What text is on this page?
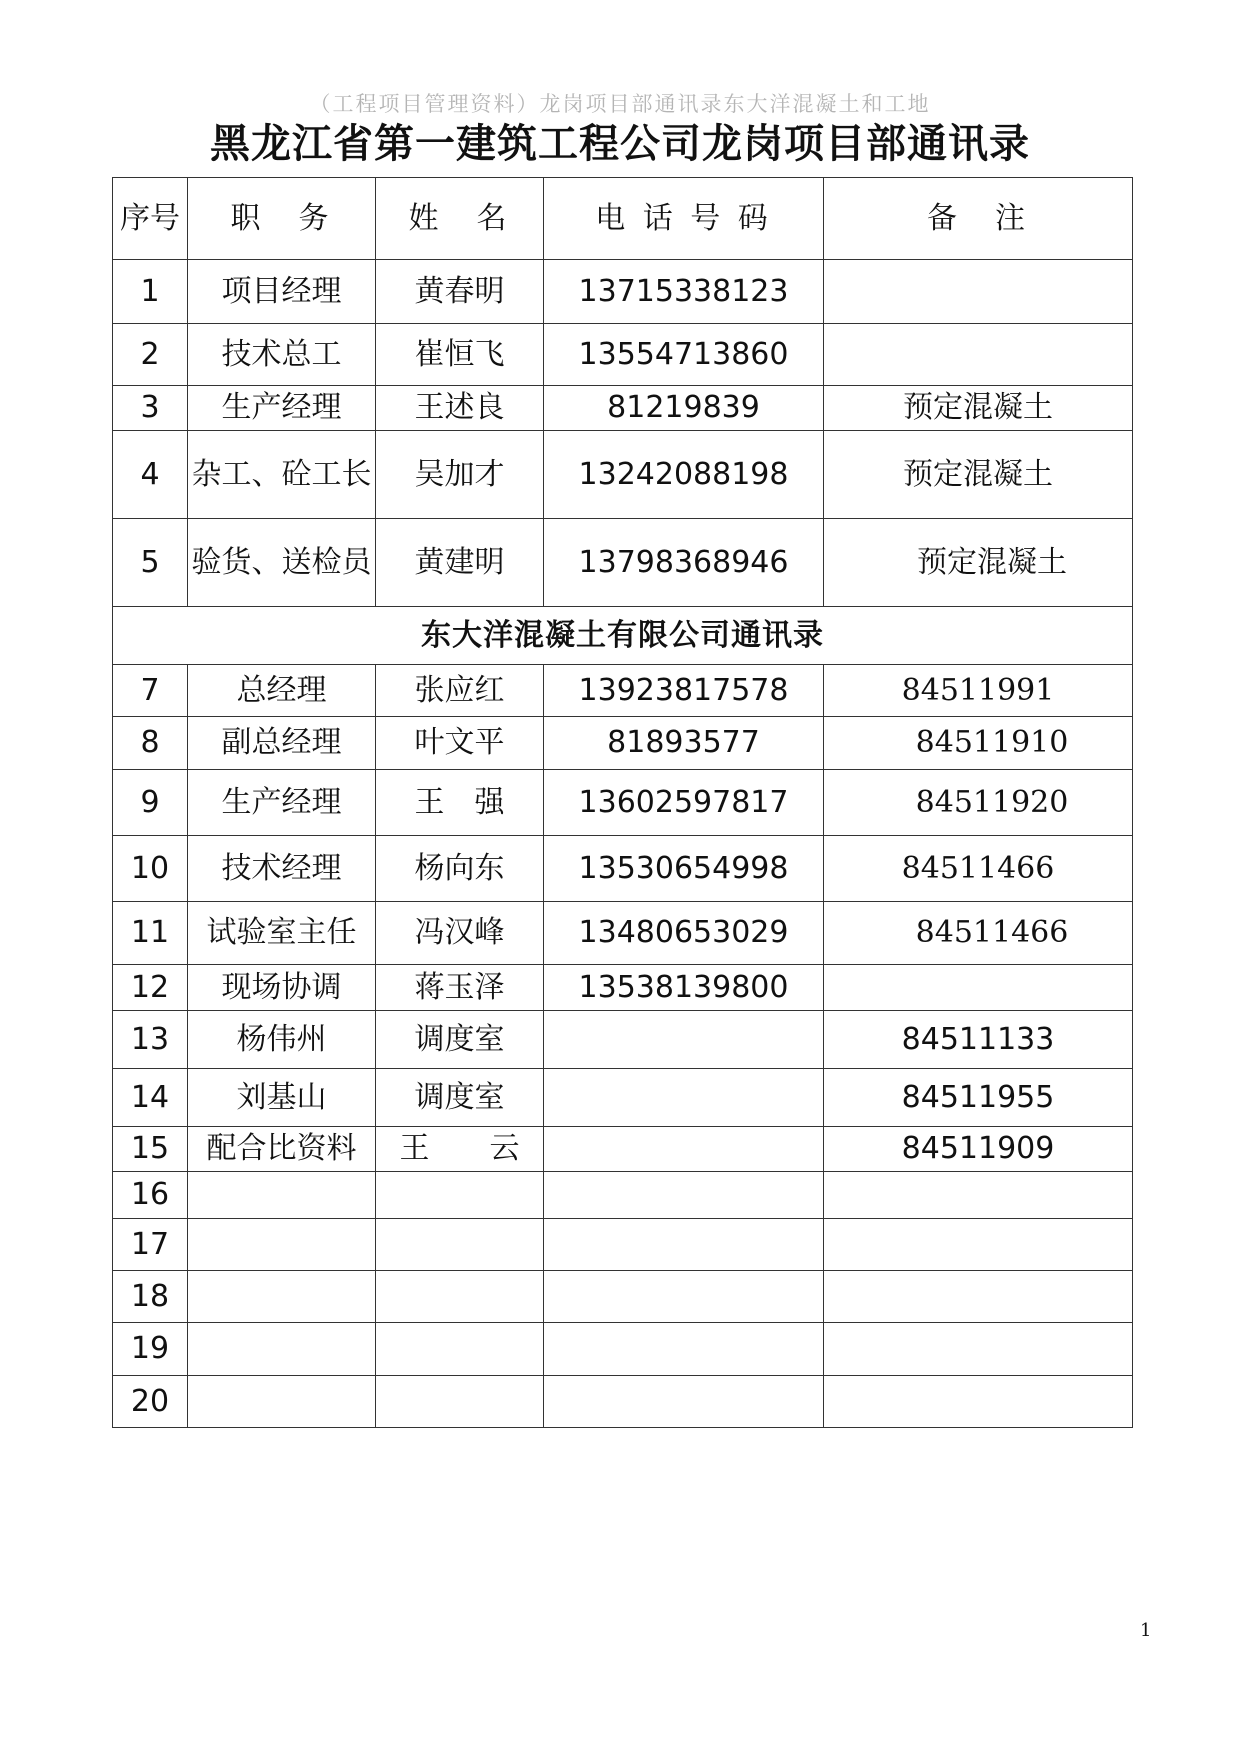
（工程项目管理资料）龙岗项目部通讯录东大洋混凝土和工地
黑龙江省第一建筑工程公司龙岗项目部通讯录
序号	职　务	姓　名	电 话 号 码	备　注
1	项目经理	黄春明	13715338123	
2	技术总工	崔恒飞	13554713860	
3	生产经理	王述良	81219839	预定混凝土
4	杂工、砼工长	吴加才	13242088198	预定混凝土
5	验货、送检员	黄建明	13798368946	预定混凝土
东大洋混凝土有限公司通讯录				
7	总经理	张应红	13923817578	84511991
8	副总经理	叶文平	81893577	84511910
9	生产经理	王　强	13602597817	84511920
10	技术经理	杨向东	13530654998	84511466
11	试验室主任	冯汉峰	13480653029	84511466
12	现场协调	蒋玉泽	13538139800	
13	杨伟州	调度室		84511133
14	刘基山	调度室		84511955
15	配合比资料	王　　云		84511909
16				
17				
18				
19				
20				
1
